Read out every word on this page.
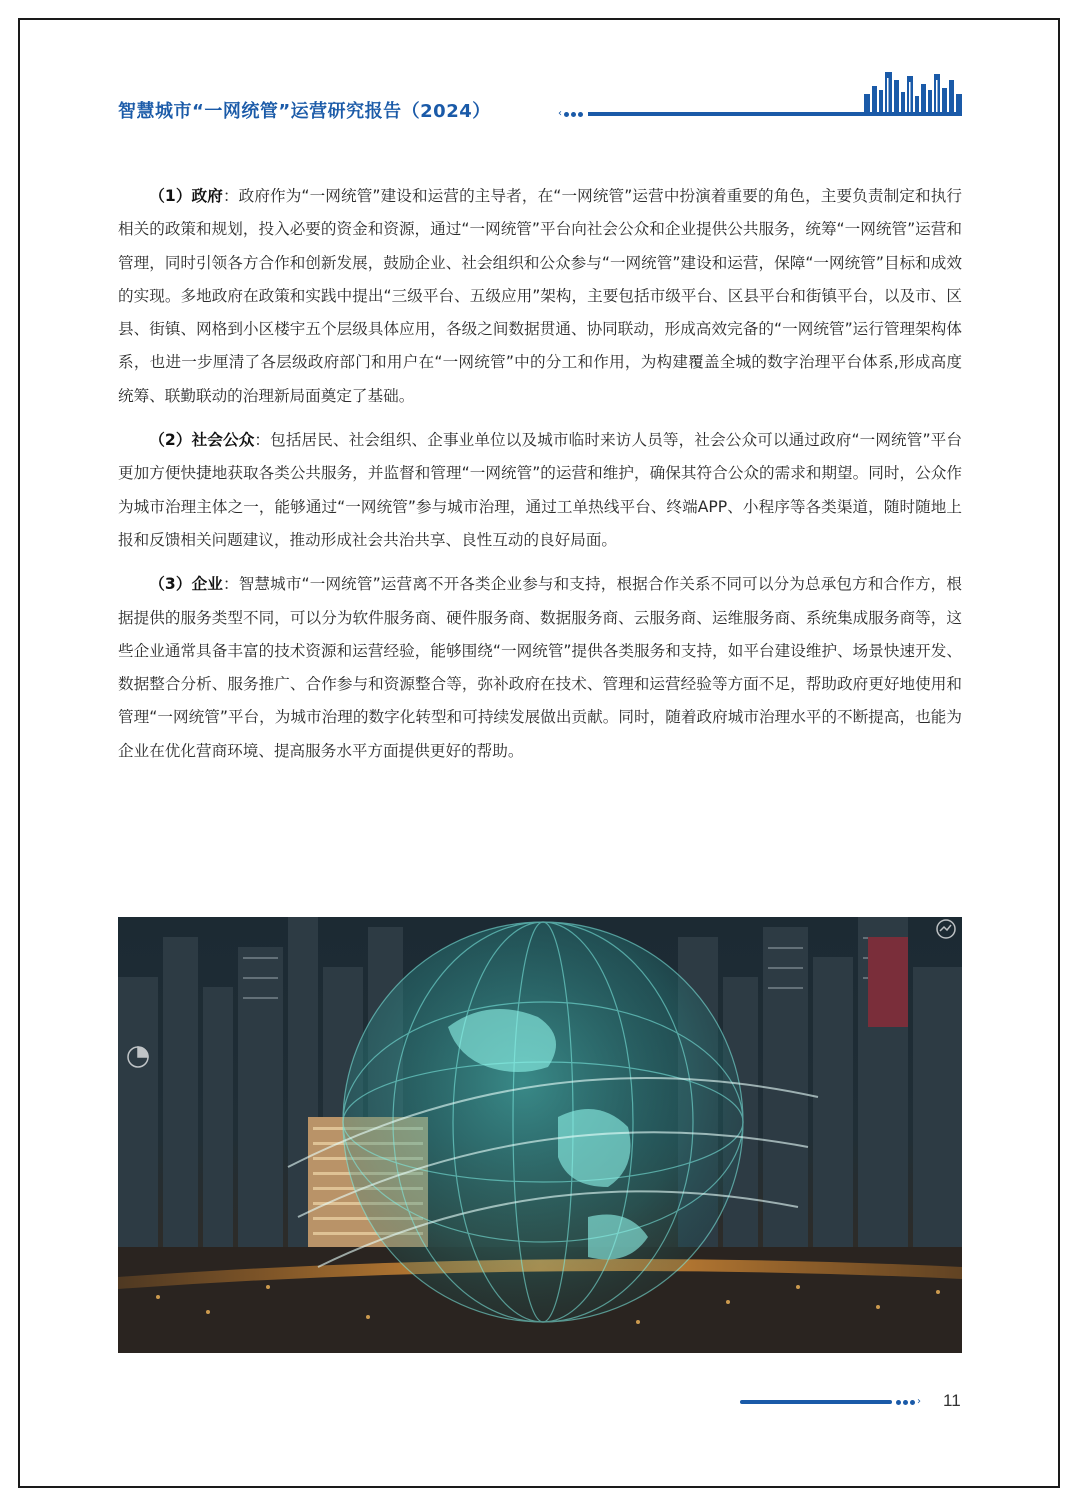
智慧城市“一网统管”运营研究报告（2024）	‹

（1）政府：政府作为“一网统管”建设和运营的主导者，在“一网统管”运营中扮演着重要的角色，主要负责制定和执行相关的政策和规划，投入必要的资金和资源，通过“一网统管”平台向社会公众和企业提供公共服务，统筹“一网统管”运营和管理，同时引领各方合作和创新发展，鼓励企业、社会组织和公众参与“一网统管”建设和运营，保障“一网统管”目标和成效的实现。多地政府在政策和实践中提出“三级平台、五级应用”架构，主要包括市级平台、区县平台和街镇平台，以及市、区县、街镇、网格到小区楼宇五个层级具体应用，各级之间数据贯通、协同联动，形成高效完备的“一网统管”运行管理架构体系，也进一步厘清了各层级政府部门和用户在“一网统管”中的分工和作用，为构建覆盖全城的数字治理平台体系,形成高度统筹、联勤联动的治理新局面奠定了基础。

（2）社会公众：包括居民、社会组织、企事业单位以及城市临时来访人员等，社会公众可以通过政府“一网统管”平台更加方便快捷地获取各类公共服务，并监督和管理“一网统管”的运营和维护，确保其符合公众的需求和期望。同时，公众作为城市治理主体之一，能够通过“一网统管”参与城市治理，通过工单热线平台、终端APP、小程序等各类渠道，随时随地上报和反馈相关问题建议，推动形成社会共治共享、良性互动的良好局面。

（3）企业：智慧城市“一网统管”运营离不开各类企业参与和支持，根据合作关系不同可以分为总承包方和合作方，根据提供的服务类型不同，可以分为软件服务商、硬件服务商、数据服务商、云服务商、运维服务商、系统集成服务商等，这些企业通常具备丰富的技术资源和运营经验，能够围绕“一网统管”提供各类服务和支持，如平台建设维护、场景快速开发、数据整合分析、服务推广、合作参与和资源整合等，弥补政府在技术、管理和运营经验等方面不足，帮助政府更好地使用和管理“一网统管”平台，为城市治理的数字化转型和可持续发展做出贡献。同时，随着政府城市治理水平的不断提高，也能为企业在优化营商环境、提高服务水平方面提供更好的帮助。

› 11
